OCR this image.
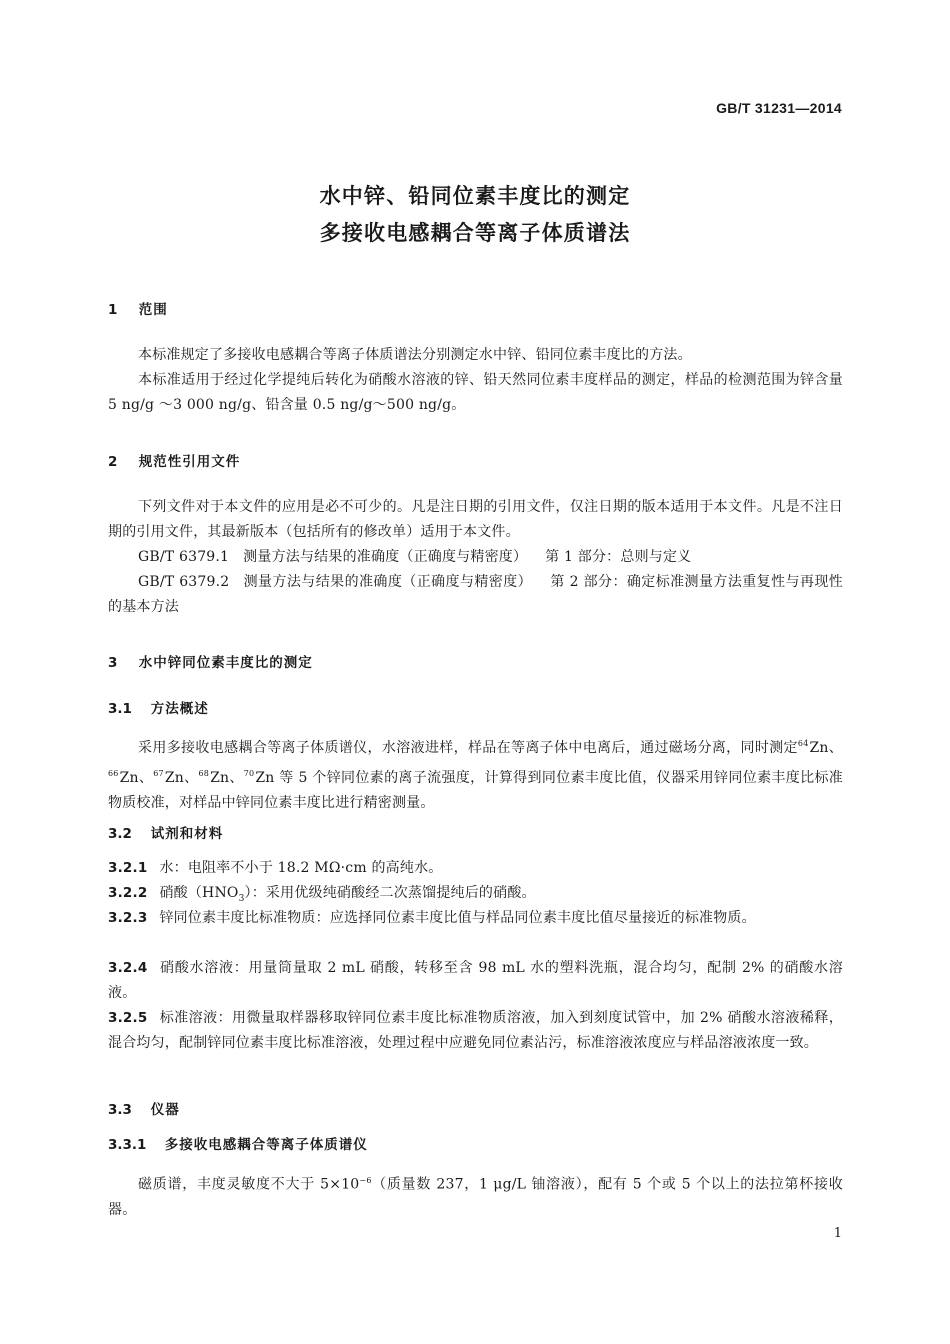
GB/T 31231—2014
水中锌、铅同位素丰度比的测定
多接收电感耦合等离子体质谱法
1 范围
本标准规定了多接收电感耦合等离子体质谱法分别测定水中锌、铅同位素丰度比的方法。
本标准适用于经过化学提纯后转化为硝酸水溶液的锌、铅天然同位素丰度样品的测定，样品的检测范围为锌含量 5 ng/g ～3 000 ng/g、铅含量 0.5 ng/g～500 ng/g。
2 规范性引用文件
下列文件对于本文件的应用是必不可少的。凡是注日期的引用文件，仅注日期的版本适用于本文件。凡是不注日期的引用文件，其最新版本（包括所有的修改单）适用于本文件。
GB/T 6379.1 测量方法与结果的准确度（正确度与精密度） 第 1 部分：总则与定义
GB/T 6379.2 测量方法与结果的准确度（正确度与精密度） 第 2 部分：确定标准测量方法重复性与再现性的基本方法
3 水中锌同位素丰度比的测定
3.1 方法概述
采用多接收电感耦合等离子体质谱仪，水溶液进样，样品在等离子体中电离后，通过磁场分离，同时测定$^{64}$Zn、$^{66}$Zn、$^{67}$Zn、$^{68}$Zn、$^{70}$Zn 等 5 个锌同位素的离子流强度，计算得到同位素丰度比值，仪器采用锌同位素丰度比标准物质校准，对样品中锌同位素丰度比进行精密测量。
3.2 试剂和材料
3.2.1 水：电阻率不小于 18.2 MΩ·cm 的高纯水。
3.2.2 硝酸$(HNO_3)$：采用优级纯硝酸经二次蒸馏提纯后的硝酸。
3.2.3 锌同位素丰度比标准物质：应选择同位素丰度比值与样品同位素丰度比值尽量接近的标准物质。
3.2.4 硝酸水溶液：用量筒量取 2 mL 硝酸，转移至含 98 mL 水的塑料洗瓶，混合均匀，配制 2% 的硝酸水溶液。
3.2.5 标准溶液：用微量取样器移取锌同位素丰度比标准物质溶液，加入到刻度试管中，加 2% 硝酸水溶液稀释，混合均匀，配制锌同位素丰度比标准溶液，处理过程中应避免同位素沾污，标准溶液浓度应与样品溶液浓度一致。
3.3 仪器
3.3.1 多接收电感耦合等离子体质谱仪
磁质谱，丰度灵敏度不大于 $5\times 10^{-6}$（质量数 237，1 μg/L 铀溶液），配有 5 个或 5 个以上的法拉第杯接收器。
1
